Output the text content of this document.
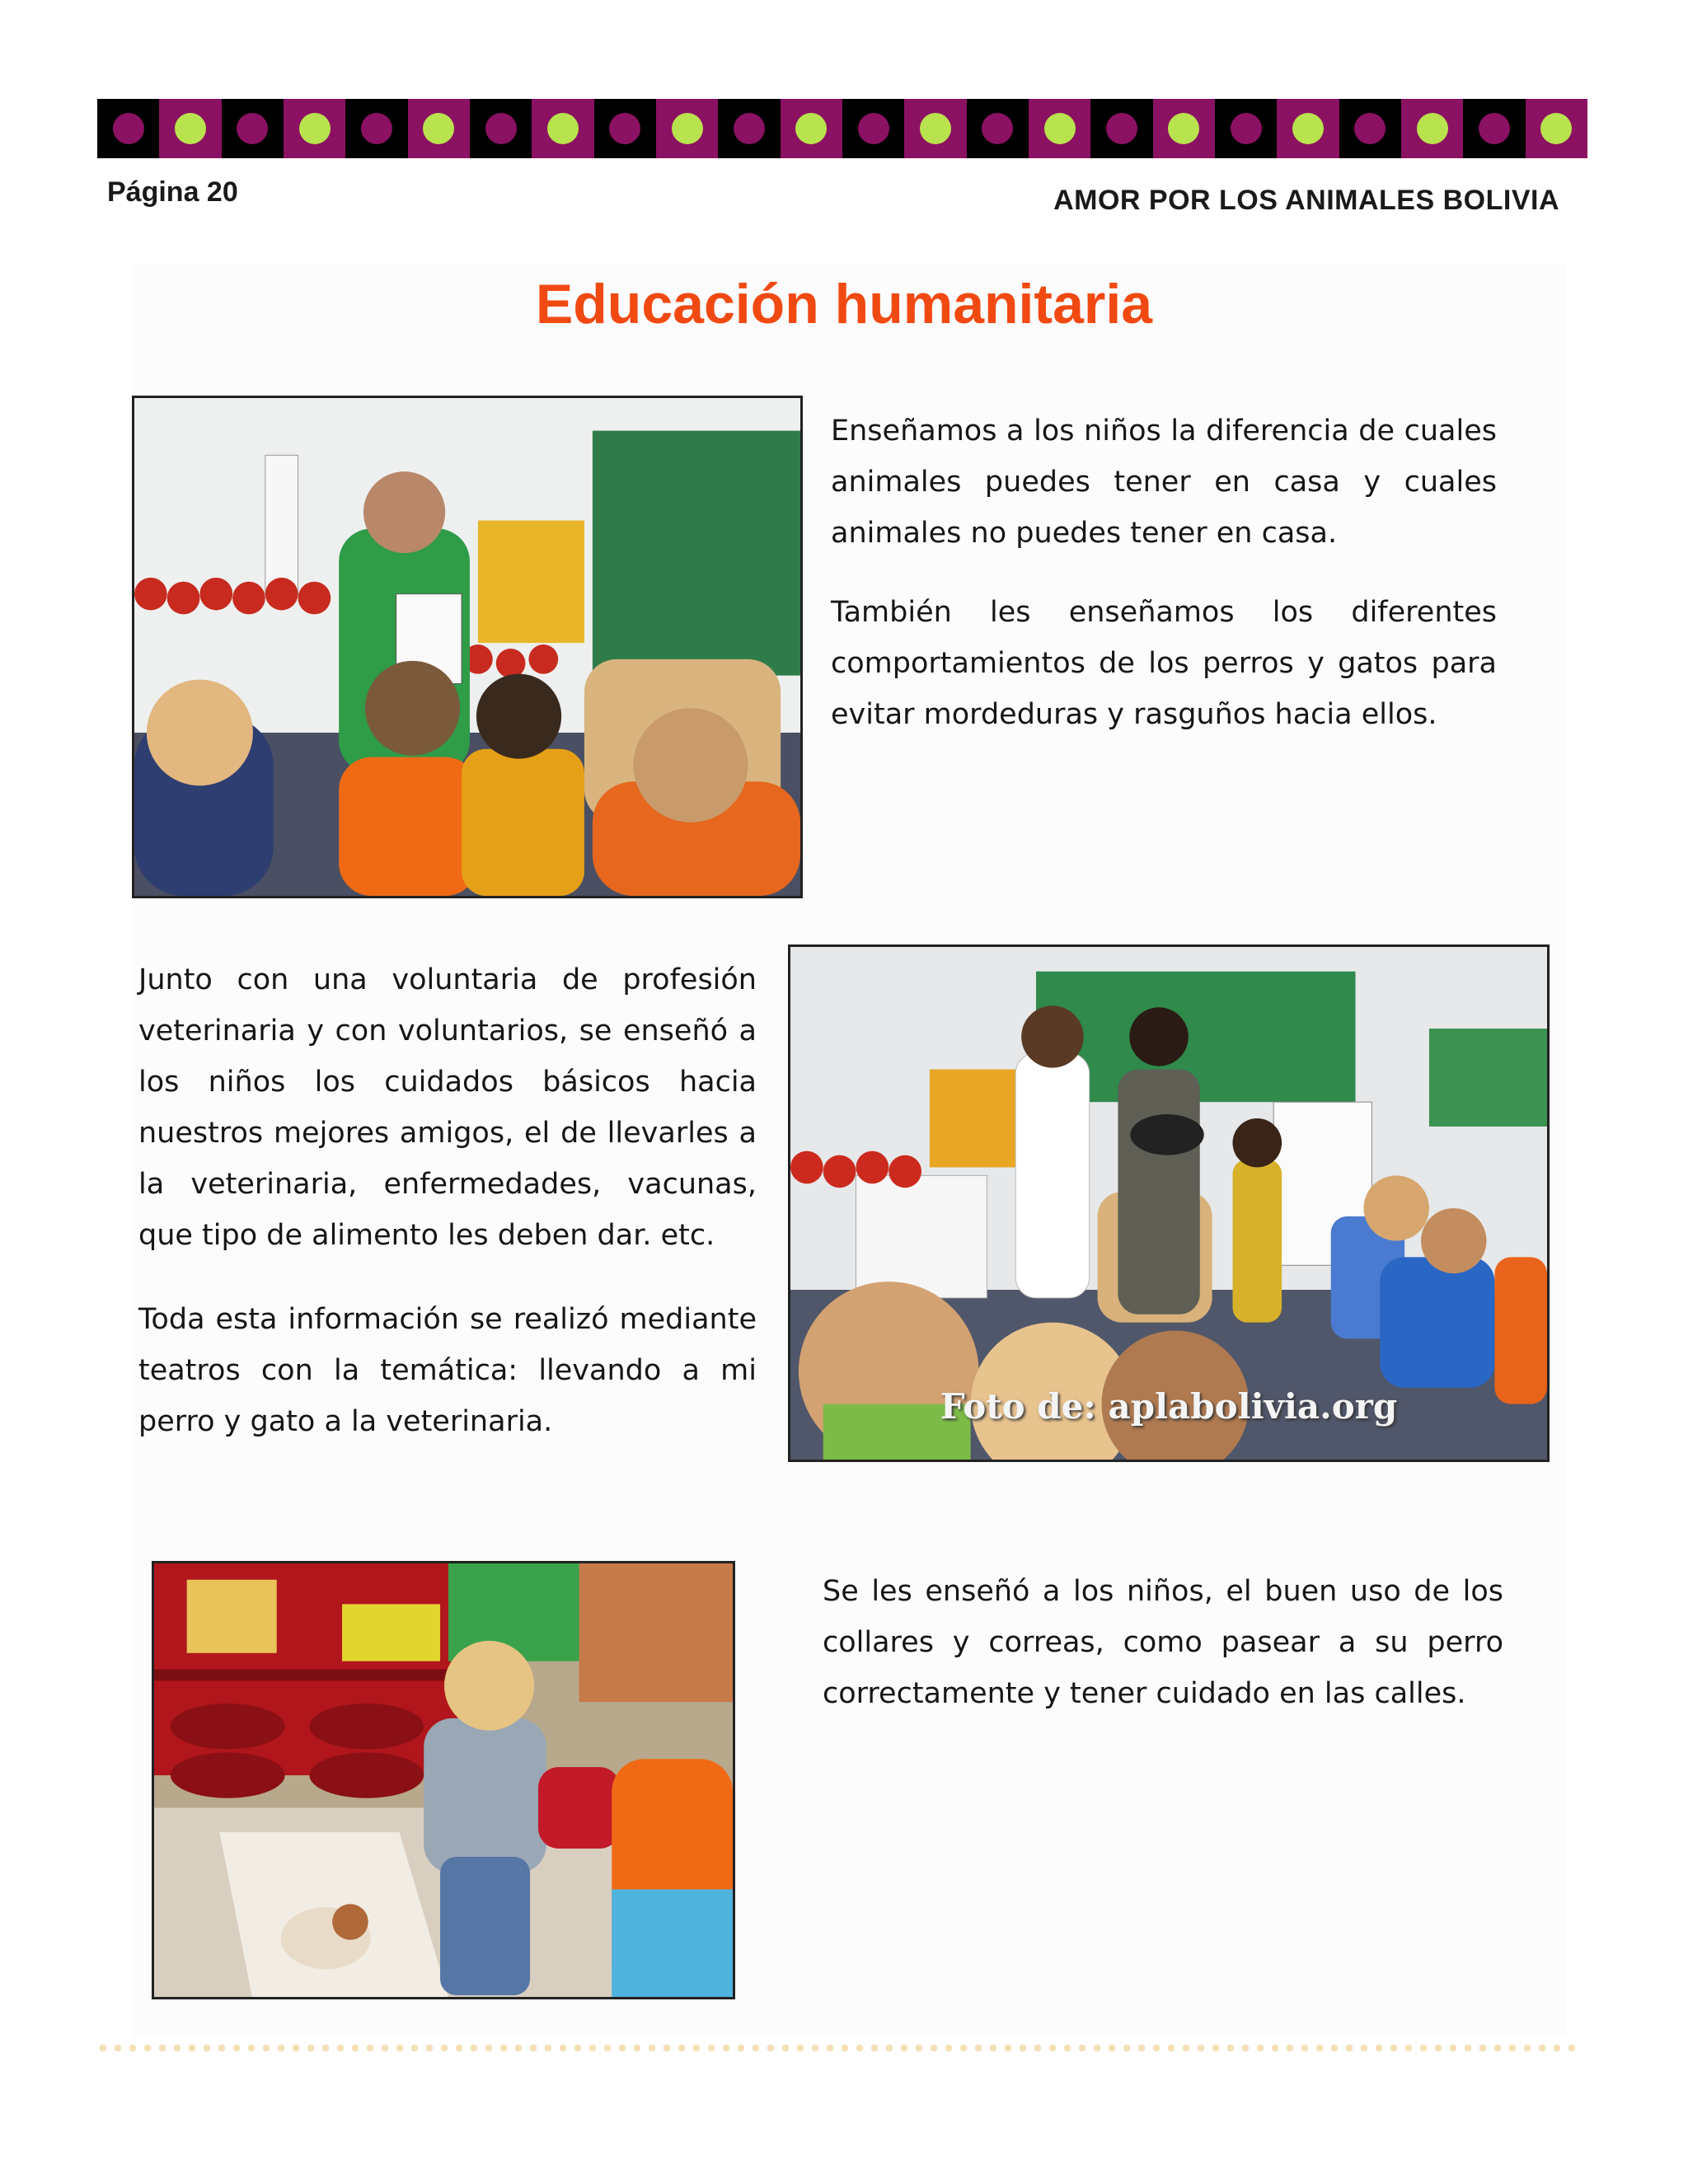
Página 20	AMOR POR LOS ANIMALES BOLIVIA
Educación humanitaria

Enseñamos a los niños la diferencia de cuales animales puedes tener en casa y cuales animales no puedes tener en casa.

También les enseñamos los diferentes comportamientos de los perros y gatos para evitar mordeduras y rasguños hacia ellos.

Junto con una voluntaria de profesión veterinaria y con voluntarios, se enseñó a los niños los cuidados básicos hacia nuestros mejores amigos, el de llevarles a la veterinaria, enfermedades, vacunas, que tipo de alimento les deben dar. etc.

Toda esta información se realizó mediante teatros con la temática: llevando a mi perro y gato a la veterinaria.	Foto de: aplabolivia.org

Se les enseñó a los niños, el buen uso de los collares y correas, como pasear a su perro correctamente y tener cuidado en las calles.
